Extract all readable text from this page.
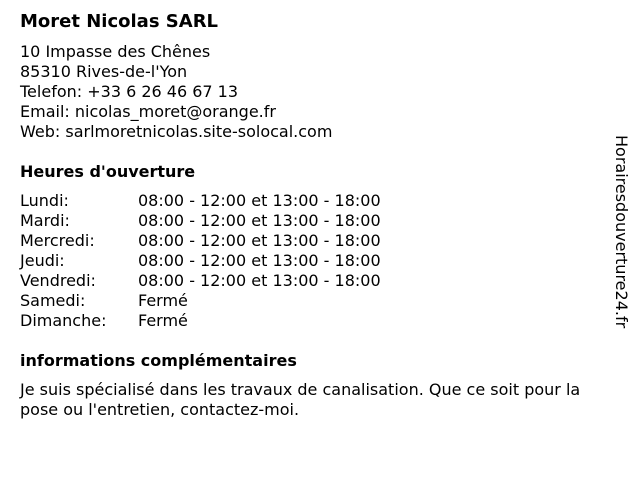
Moret Nicolas SARL
10 Impasse des Chênes
85310 Rives-de-l'Yon
Telefon: +33 6 26 46 67 13
Email: nicolas_moret@orange.fr
Web: sarlmoretnicolas.site-solocal.com
Heures d'ouverture
Lundi:	08:00 - 12:00 et 13:00 - 18:00
Mardi:	08:00 - 12:00 et 13:00 - 18:00
Mercredi:	08:00 - 12:00 et 13:00 - 18:00
Jeudi:	08:00 - 12:00 et 13:00 - 18:00
Vendredi:	08:00 - 12:00 et 13:00 - 18:00
Samedi:	Fermé
Dimanche:	Fermé
informations complémentaires
Je suis spécialisé dans les travaux de canalisation. Que ce soit pour la pose ou l'entretien, contactez-moi.
Horairesdouverture24.fr
